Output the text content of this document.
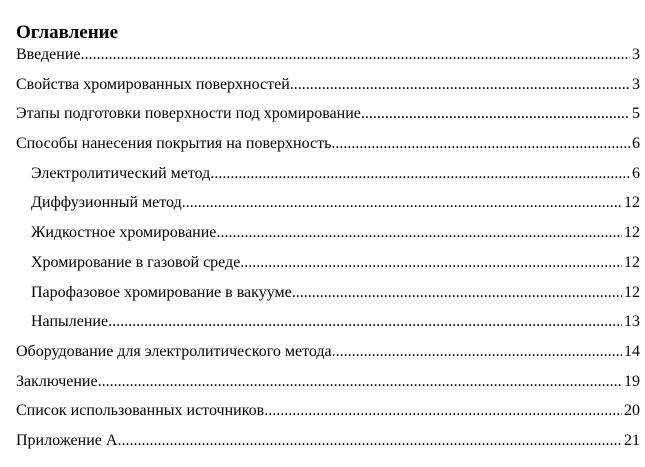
Оглавление
Введение .....	3
Свойства хромированных поверхностей .....	3
Этапы подготовки поверхности под хромирование .....	5
Способы нанесения покрытия на поверхность .....	6
Электролитический метод .....	6
Диффузионный метод .....	12
Жидкостное хромирование .....	12
Хромирование в газовой среде .....	12
Парофазовое хромирование в вакууме .....	12
Напыление .....	13
Оборудование для электролитического метода .....	14
Заключение .....	19
Список использованных источников .....	20
Приложение А .....	21
